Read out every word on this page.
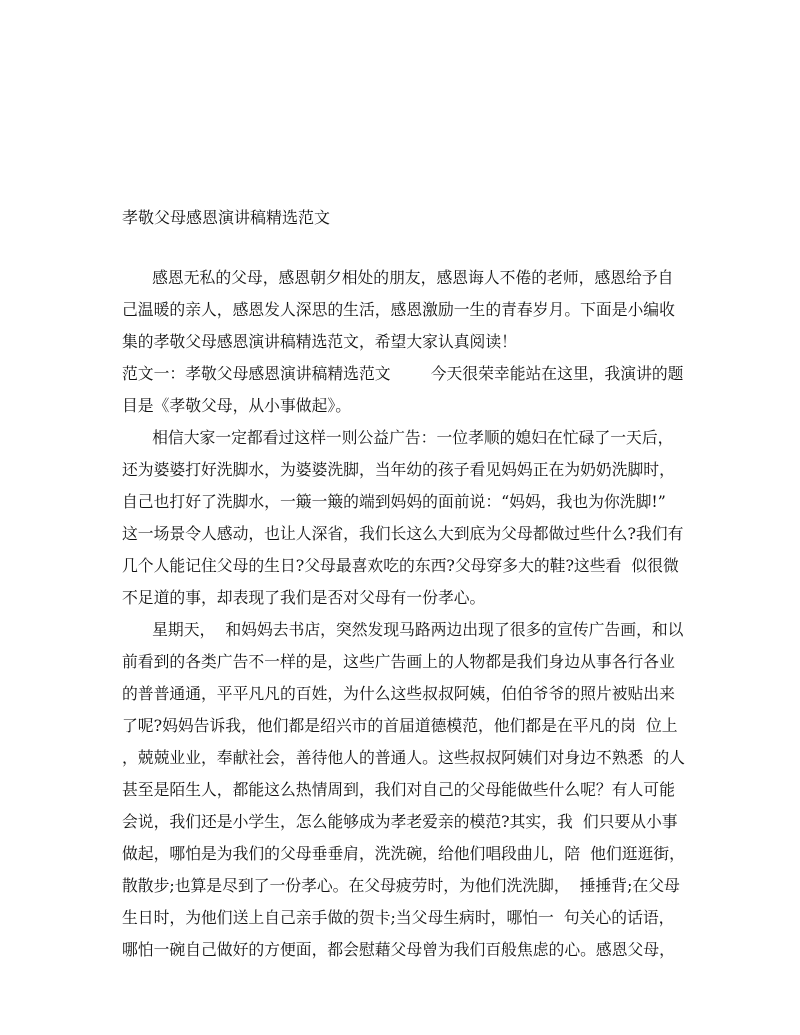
孝敬父母感恩演讲稿精选范文
感恩无私的父母，感恩朝夕相处的朋友，感恩诲人不倦的老师，感恩给予自
己温暖的亲人，感恩发人深思的生活，感恩激励一生的青春岁月。下面是小编收
集的孝敬父母感恩演讲稿精选范文，希望大家认真阅读！
范文一：孝敬父母感恩演讲稿精选范文        今天很荣幸能站在这里，我演讲的题
目是《孝敬父母，从小事做起》。
相信大家一定都看过这样一则公益广告：一位孝顺的媳妇在忙碌了一天后，
还为婆婆打好洗脚水，为婆婆洗脚，当年幼的孩子看见妈妈正在为奶奶洗脚时，
自己也打好了洗脚水，一簸一簸的端到妈妈的面前说：“妈妈，我也为你洗脚!”
这一场景令人感动，也让人深省，我们长这么大到底为父母都做过些什么?我们有
几个人能记住父母的生日?父母最喜欢吃的东西?父母穿多大的鞋?这些看  似很微
不足道的事，却表现了我们是否对父母有一份孝心。
星期天，  和妈妈去书店，突然发现马路两边出现了很多的宣传广告画，和以
前看到的各类广告不一样的是，这些广告画上的人物都是我们身边从事各行各业
的普普通通，平平凡凡的百姓，为什么这些叔叔阿姨，伯伯爷爷的照片被贴出来
了呢?妈妈告诉我，他们都是绍兴市的首届道德模范，他们都是在平凡的岗  位上
，兢兢业业，奉献社会，善待他人的普通人。这些叔叔阿姨们对身边不熟悉  的人
甚至是陌生人，都能这么热情周到，我们对自己的父母能做些什么呢？有人可能
会说，我们还是小学生，怎么能够成为孝老爱亲的模范?其实，我  们只要从小事
做起，哪怕是为我们的父母垂垂肩，洗洗碗，给他们唱段曲儿，陪  他们逛逛街，
散散步;也算是尽到了一份孝心。在父母疲劳时，为他们洗洗脚，  捶捶背;在父母
生日时，为他们送上自己亲手做的贺卡;当父母生病时，哪怕一  句关心的话语，
哪怕一碗自己做好的方便面，都会慰藉父母曾为我们百般焦虑的心。感恩父母，
